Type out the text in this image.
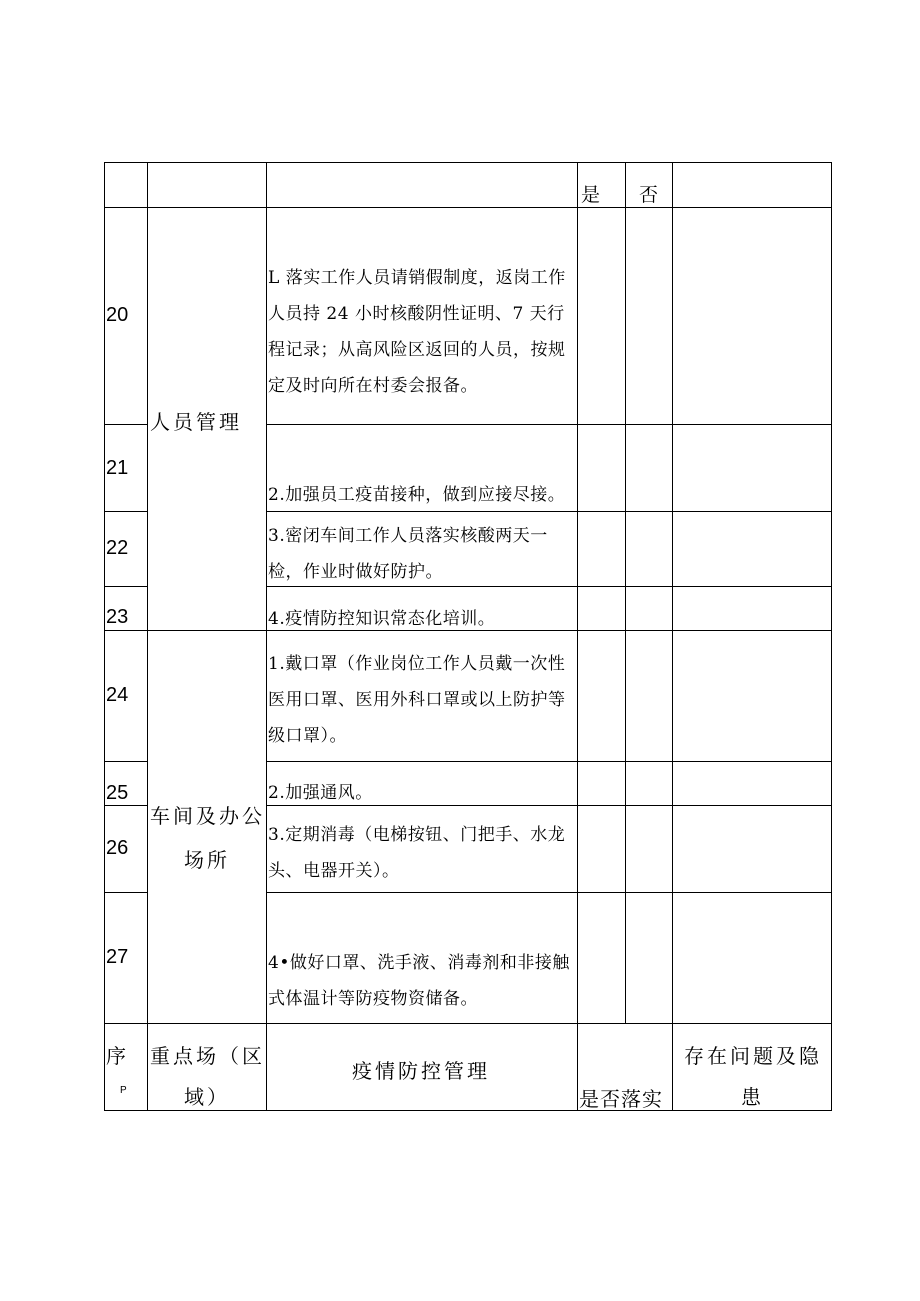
是 否
20
21
22
23
24
25
26
27
人员管理
车间及办公
场所
L 落实工作人员请销假制度，返岗工作人员持 24 小时核酸阴性证明、7 天行程记录；从高风险区返回的人员，按规定及时向所在村委会报备。
2.加强员工疫苗接种，做到应接尽接。
3.密闭车间工作人员落实核酸两天一检，作业时做好防护。
4.疫情防控知识常态化培训。
1.戴口罩（作业岗位工作人员戴一次性医用口罩、医用外科口罩或以上防护等级口罩）。
2.加强通风。
3.定期消毒（电梯按钮、门把手、水龙头、电器开关）。
4•做好口罩、洗手液、消毒剂和非接触式体温计等防疫物资储备。
序
P
重点场（区
域）
疫情防控管理
是否落实
存在问题及隐
患
